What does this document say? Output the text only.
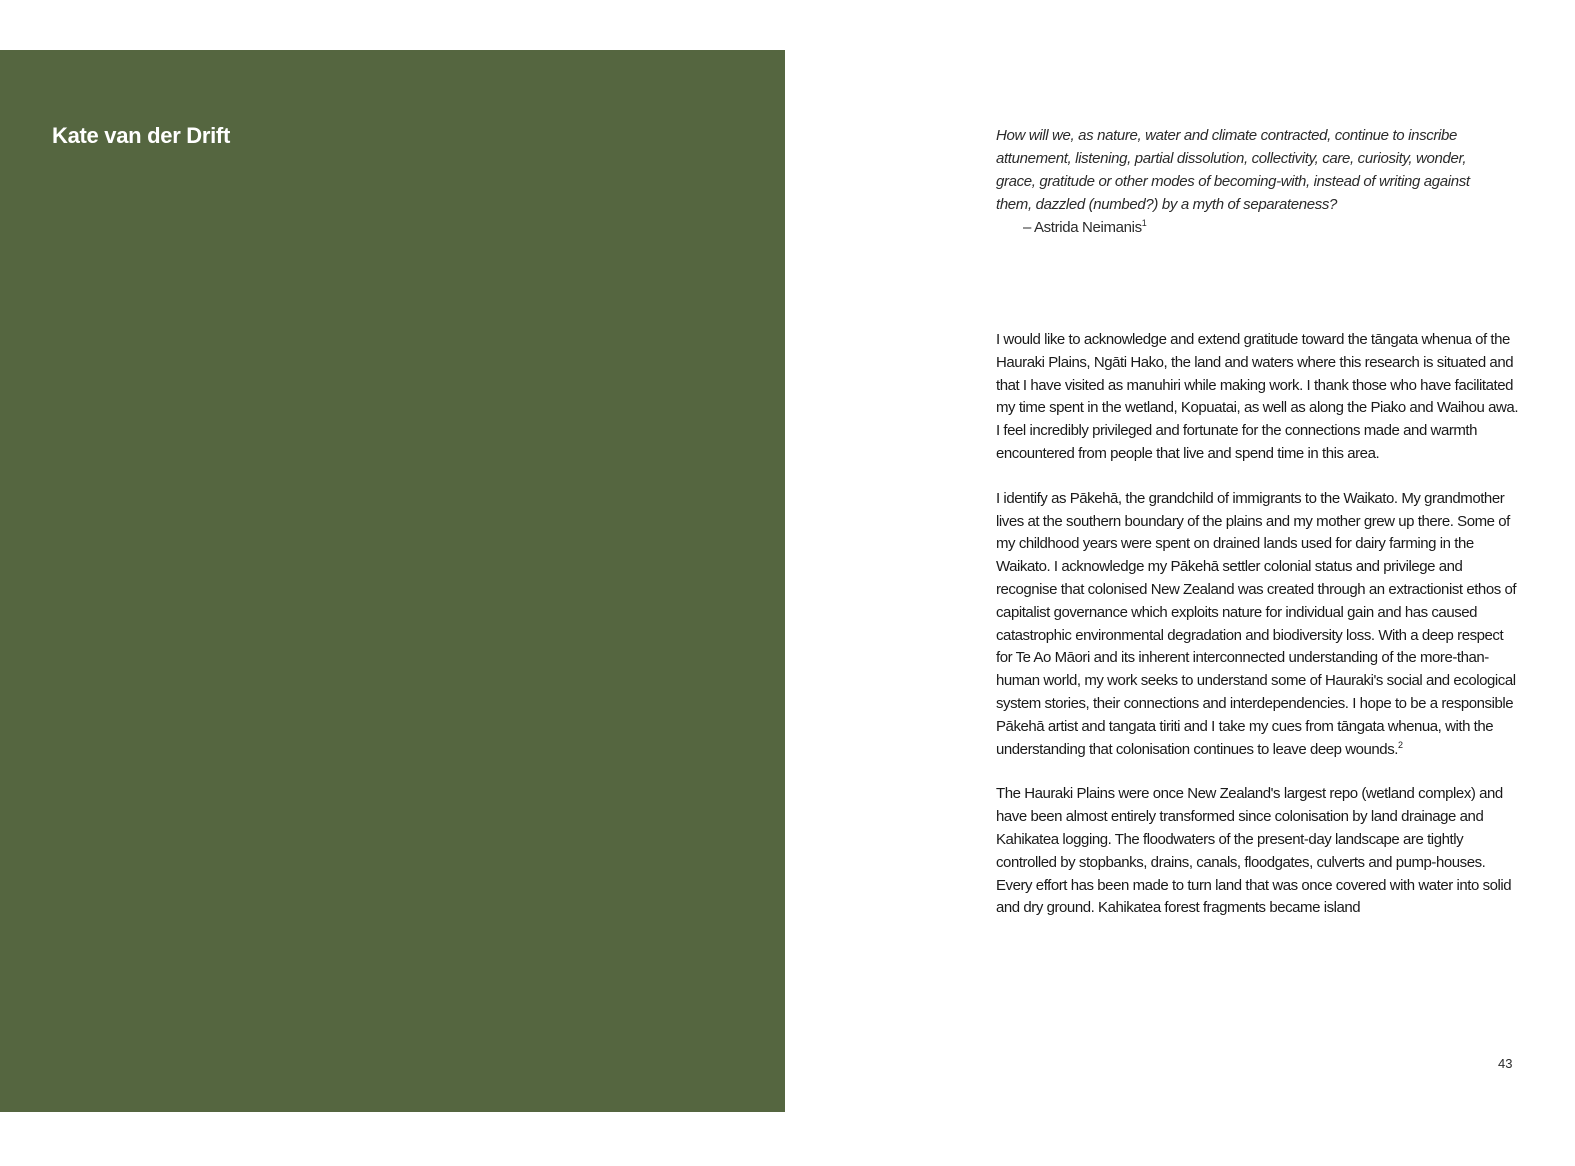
Kate van der Drift	How will we, as nature, water and climate contracted, continue to inscribe attunement, listening, partial dissolution, collectivity, care, curiosity, wonder, grace, gratitude or other modes of becoming-with, instead of writing against them, dazzled (numbed?) by a myth of separateness?

– Astrida Neimanis$^1$

I would like to acknowledge and extend gratitude toward the tāngata whenua of the Hauraki Plains, Ngāti Hako, the land and waters where this research is situated and that I have visited as manuhiri while making work. I thank those who have facilitated my time spent in the wetland, Kopuatai, as well as along the Piako and Waihou awa. I feel incredibly privileged and fortunate for the connections made and warmth encountered from people that live and spend time in this area.

I identify as Pākehā, the grandchild of immigrants to the Waikato. My grandmother lives at the southern boundary of the plains and my mother grew up there. Some of my childhood years were spent on drained lands used for dairy farming in the Waikato. I acknowledge my Pākehā settler colonial status and privilege and recognise that colonised New Zealand was created through an extractionist ethos of capitalist governance which exploits nature for individual gain and has caused catastrophic environmental degradation and biodiversity loss. With a deep respect for Te Ao Māori and its inherent interconnected understanding of the more-than-human world, my work seeks to understand some of Hauraki's social and ecological system stories, their connections and interdependencies. I hope to be a responsible Pākehā artist and tangata tiriti and I take my cues from tāngata whenua, with the understanding that colonisation continues to leave deep wounds.$^2$

The Hauraki Plains were once New Zealand's largest repo (wetland complex) and have been almost entirely transformed since colonisation by land drainage and Kahikatea logging. The floodwaters of the present-day landscape are tightly controlled by stopbanks, drains, canals, floodgates, culverts and pump-houses. Every effort has been made to turn land that was once covered with water into solid and dry ground. Kahikatea forest fragments became island

43
